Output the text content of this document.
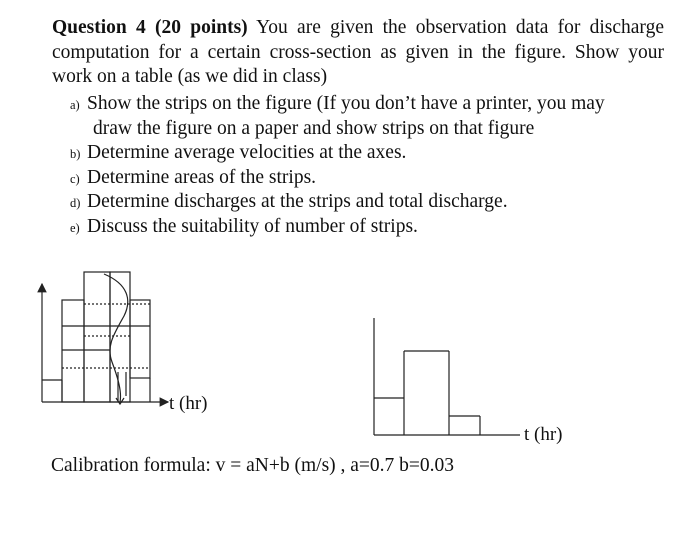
Question 4 (20 points) You are given the observation data for discharge computation for a certain cross-section as given in the figure. Show your work on a table (as we did in class)
a) Show the strips on the figure (If you don’t have a printer, you may
draw the figure on a paper and show strips on that figure
b) Determine average velocities at the axes.
c) Determine areas of the strips.
d) Determine discharges at the strips and total discharge.
e) Discuss the suitability of number of strips.
t (hr)
t (hr)
Calibration formula: v = aN+b (m/s) , a=0.7 b=0.03
